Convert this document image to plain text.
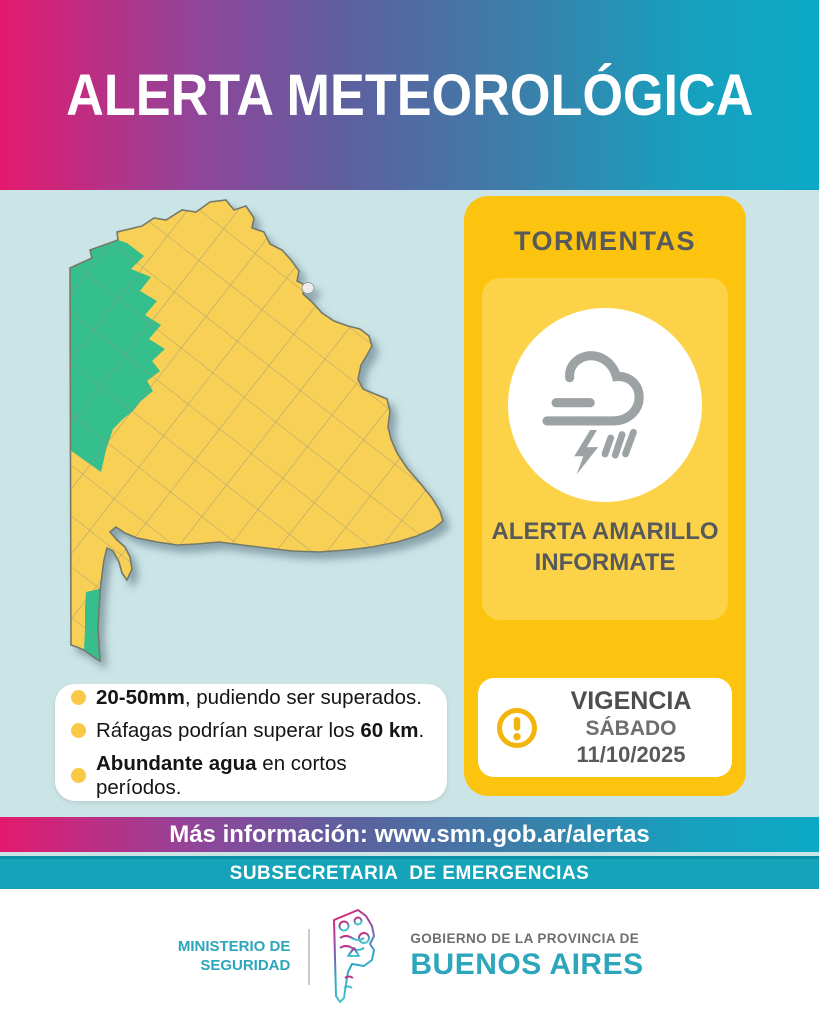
ALERTA METEOROLÓGICA
TORMENTAS
ALERTA AMARILLO
INFORMATE
VIGENCIA
SÁBADO
11/10/2025
20-50mm, pudiendo ser superados.
Ráfagas podrían superar los 60 km.
Abundante agua en cortos períodos.
Más información: www.smn.gob.ar/alertas
SUBSECRETARIA  DE EMERGENCIAS
MINISTERIO DE
SEGURIDAD
GOBIERNO DE LA PROVINCIA DE
BUENOS AIRES
